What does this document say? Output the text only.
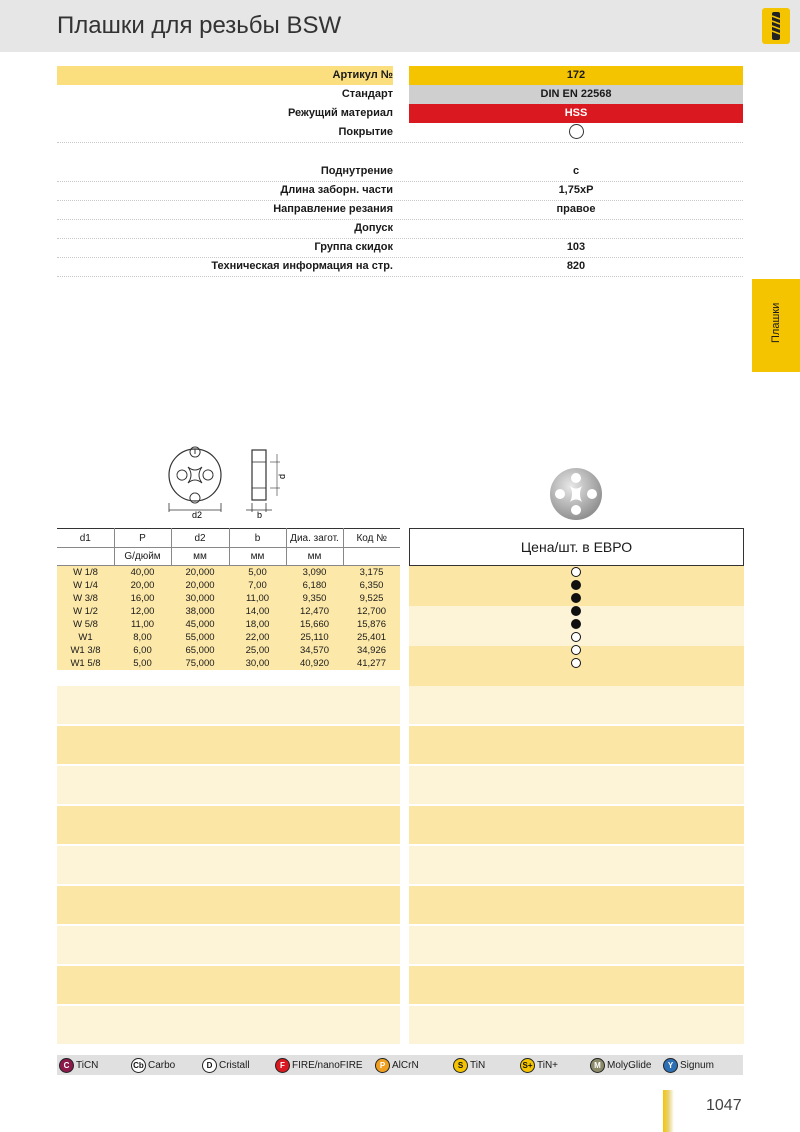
Плашки для резьбы BSW
Артикул №	172
Стандарт	DIN EN 22568
Режущий материал	HSS
Покрытие
Поднутрение	c
Длина заборн. части	1,75xP
Направление резания	правое
Допуск
Группа скидок	103
Техническая информация на стр.	820
Плашки
d2
d
b
d1	P	d2	b	Диа. загот.	Код №
	G/дюйм	мм	мм	мм	
W 1/8	40,00	20,000	5,00	3,090	3,175
W 1/4	20,00	20,000	7,00	6,180	6,350
W 3/8	16,00	30,000	11,00	9,350	9,525
W 1/2	12,00	38,000	14,00	12,470	12,700
W 5/8	11,00	45,000	18,00	15,660	15,876
W1	8,00	55,000	22,00	25,110	25,401
W1 3/8	6,00	65,000	25,00	34,570	34,926
W1 5/8	5,00	75,000	30,00	40,920	41,277
Цена/шт. в ЕВРО
C TiCN	Cb Carbo	D Cristall	F FIRE/nanoFIRE	P AlCrN	S TiN	S+ TiN+	M MolyGlide	Y Signum
1047
